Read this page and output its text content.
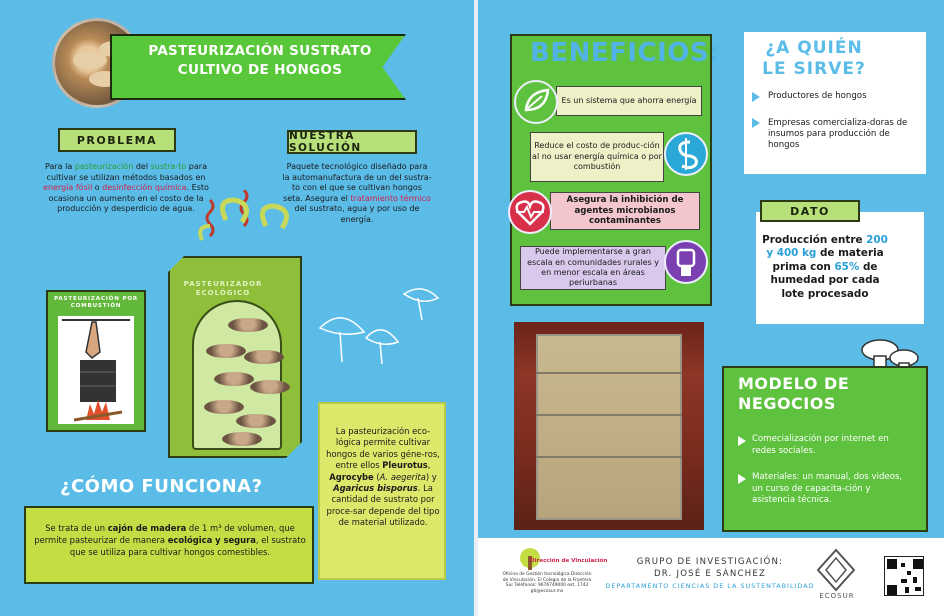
PASTEURIZACIÓN SUSTRATO
CULTIVO DE HONGOS
PROBLEMA
Para la pasteurización del sustra-to para cultivar se utilizan métodos basados en energía fósil o desinfección química. Esto ocasiona un aumento en el costo de la producción y desperdicio de agua.
NUESTRA SOLUCIÓN
Paquete tecnológico diseñado para la automanufactura de un del sustra-to con el que se cultivan hongos seta. Asegura el tratamiento térmico del sustrato, agua y por uso de energía.
PASTEURIZADOR ECOLÓGICO
PASTEURIZACIÓN POR COMBUSTIÓN
¿CÓMO FUNCIONA?
Se trata de un cajón de madera de 1 m³ de volumen, que permite pasteurizar de manera ecológica y segura, el sustrato que se utiliza para cultivar hongos comestibles.
La pasteurización eco-lógica permite cultivar hongos de varios géne-ros, entre ellos Pleurotus, Agrocybe (A. aegerita) y Agaricus bisporus. La cantidad de sustrato por proce-sar depende del tipo de material utilizado.
BENEFICIOS:
Es un sistema que ahorra energía
Reduce el costo de produc-ción al no usar energía química o por combustión
Asegura la inhibición de agentes microbianos contaminantes
Puede implementarse a gran escala en comunidades rurales y en menor escala en áreas periurbanas
¿A QUIÉN
LE SIRVE?
Productores de hongos
Empresas comercializa-doras de insumos para producción de hongos
DATO
Producción entre 200 y 400 kg de materia prima con 65% de humedad por cada lote procesado
MODELO DE
NEGOCIOS
Comecialización por internet en redes sociales.
Materiales: un manual, dos videos, un curso de capacita-ción y asistencia técnica.
Dirección de Vinculación
Oficina de Gestión tecnológica Dirección de Vinculación. El Colegio de la Frontera Sur Teléfonos: 9676749000 ext. 1743 gti@ecosur.mx
GRUPO DE INVESTIGACIÓN:
DR. JOSÉ E SÁNCHEZ
DEPARTAMENTO CIENCIAS DE LA SUSTENTABILIDAD
ECOSUR
